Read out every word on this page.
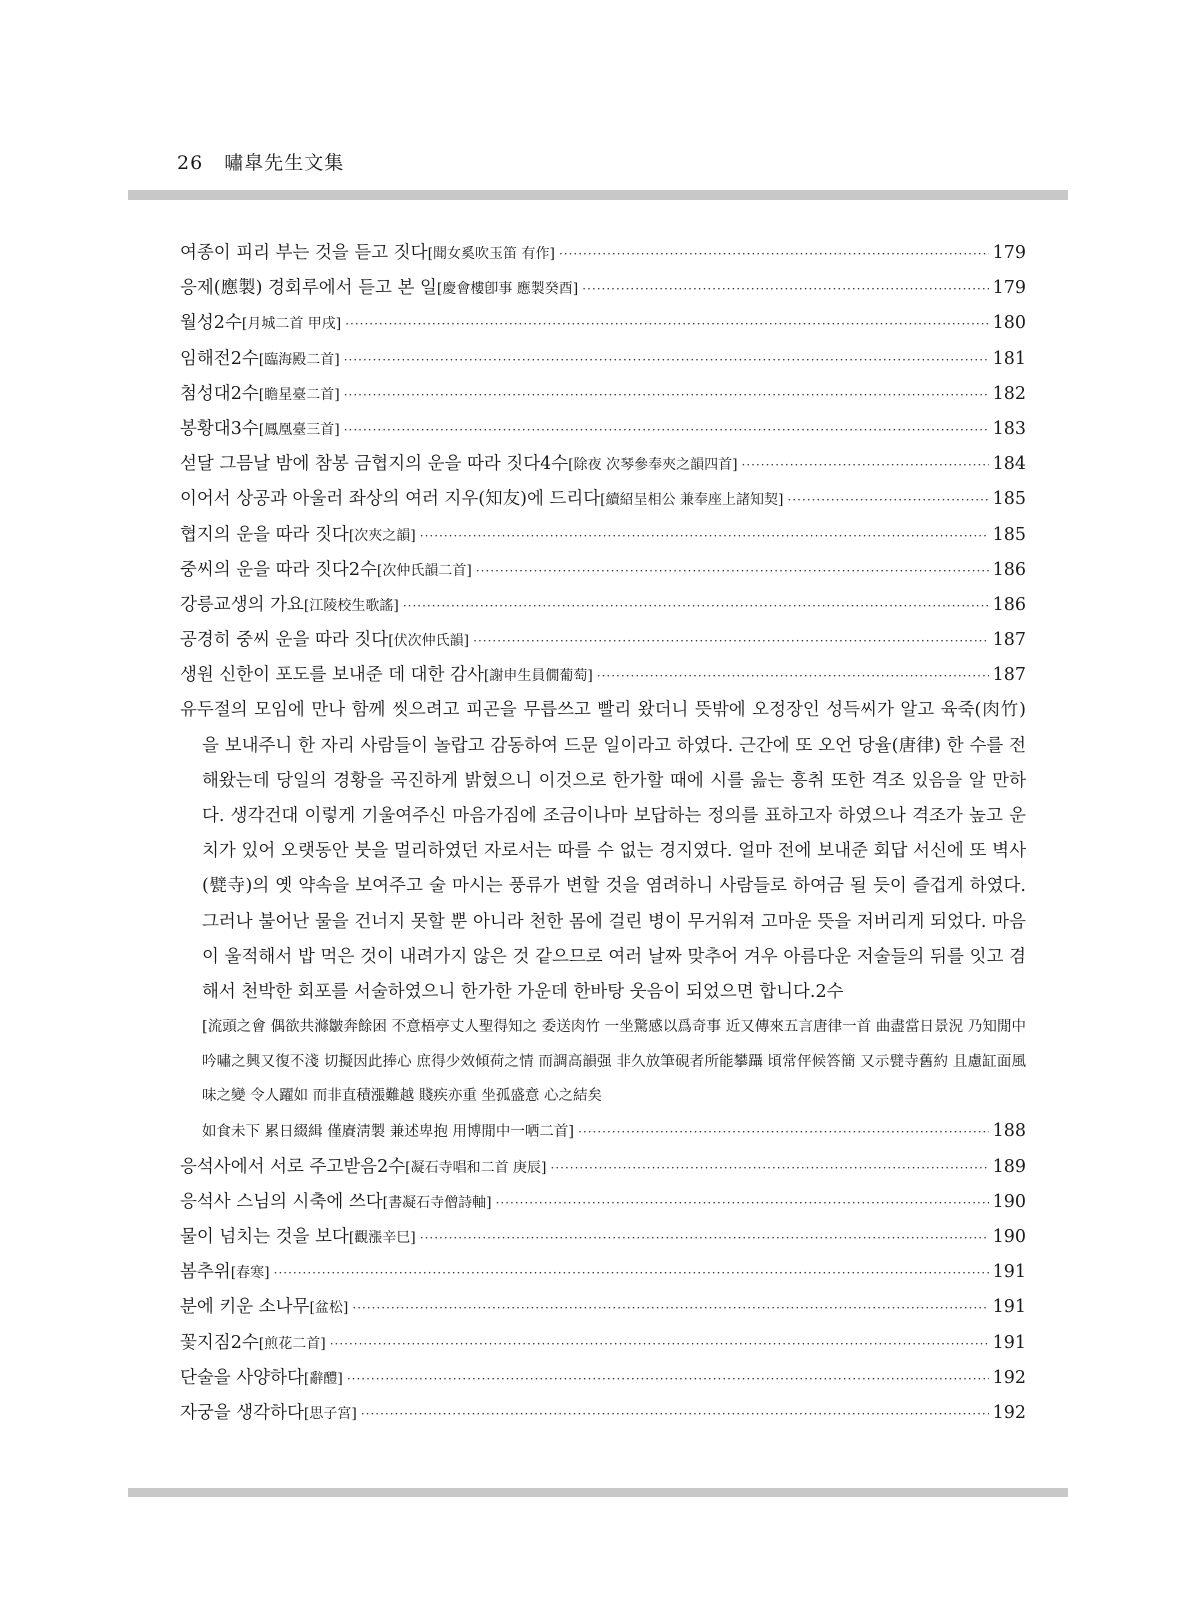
26 嘯皐先生文集
여종이 피리 부는 것을 듣고 짓다[聞女奚吹玉笛 有作] ·····	179
응제(應製) 경회루에서 듣고 본 일[慶會樓卽事 應製癸酉] ·····	179
월성2수[月城二首 甲戌] ·····	180
임해전2수[臨海殿二首] ·····	181
첨성대2수[瞻星臺二首] ·····	182
봉황대3수[鳳凰臺三首] ·····	183
섣달 그믐날 밤에 참봉 금협지의 운을 따라 짓다4수[除夜 次琴參奉夾之韻四首] ·····	184
이어서 상공과 아울러 좌상의 여러 지우(知友)에 드리다[續紹呈相公 兼奉座上諸知契] ·····	185
협지의 운을 따라 짓다[次夾之韻] ·····	185
중씨의 운을 따라 짓다2수[次仲氏韻二首] ·····	186
강릉교생의 가요[江陵校生歌謠] ·····	186
공경히 중씨 운을 따라 짓다[伏次仲氏韻] ·····	187
생원 신한이 포도를 보내준 데 대한 감사[謝申生員僩葡萄] ·····	187
유두절의 모임에 만나 함께 씻으려고 피곤을 무릅쓰고 빨리 왔더니 뜻밖에 오정장인 성득씨가 알고 육죽(肉竹)을 보내주니 한 자리 사람들이 놀랍고 감동하여 드문 일이라고 하였다. 근간에 또 오언 당율(唐律) 한 수를 전해왔는데 당일의 경황을 곡진하게 밝혔으니 이것으로 한가할 때에 시를 읊는 흥취 또한 격조 있음을 알 만하다. 생각건대 이렇게 기울여주신 마음가짐에 조금이나마 보답하는 정의를 표하고자 하였으나 격조가 높고 운치가 있어 오랫동안 붓을 멀리하였던 자로서는 따를 수 없는 경지였다. 얼마 전에 보내준 회답 서신에 또 벽사(甓寺)의 옛 약속을 보여주고 술 마시는 풍류가 변할 것을 염려하니 사람들로 하여금 될 듯이 즐겁게 하였다. 그러나 불어난 물을 건너지 못할 뿐 아니라 천한 몸에 걸린 병이 무거워져 고마운 뜻을 저버리게 되었다. 마음이 울적해서 밥 먹은 것이 내려가지 않은 것 같으므로 여러 날짜 맞추어 겨우 아름다운 저술들의 뒤를 잇고 겸해서 천박한 회포를 서술하였으니 한가한 가운데 한바탕 웃음이 되었으면 합니다.2수
[流頭之會 偶欲共滌皺奔餘困 不意梧亭丈人聖得知之 委送肉竹 一坐驚感以爲奇事 近又傳來五言唐律一首 曲盡當日景況 乃知閒中吟嘯之興又復不淺 切擬因此捧心 庶得少效傾荷之情 而調高韻强 非久放筆硯者所能攀躡 頃常伻候答簡 又示甓寺舊約 且慮缸面風味之變 令人躍如 而非直積漲難越 賤疾亦重 坐孤盛意 心之結矣
如食未下 累日綴緝 僅賡淸製 兼述卑抱 用博閒中一哂二首] ·····	188
응석사에서 서로 주고받음2수[凝石寺唱和二首 庚辰] ·····	189
응석사 스님의 시축에 쓰다[書凝石寺僧詩軸] ·····	190
물이 넘치는 것을 보다[觀漲辛巳] ·····	190
봄추위[春寒] ·····	191
분에 키운 소나무[盆松] ·····	191
꽃지짐2수[煎花二首] ·····	191
단술을 사양하다[辭醴] ·····	192
자궁을 생각하다[思子宮] ·····	192
